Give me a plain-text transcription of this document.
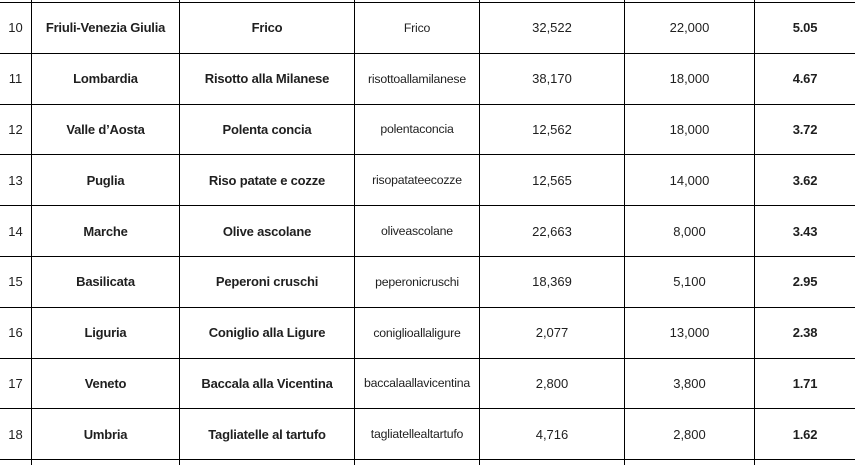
10	Friuli-Venezia Giulia	Frico	Frico	32,522	22,000	5.05
11	Lombardia	Risotto alla Milanese	risottoallamilanese	38,170	18,000	4.67
12	Valle d’Aosta	Polenta concia	polentaconcia	12,562	18,000	3.72
13	Puglia	Riso patate e cozze	risopatateecozze	12,565	14,000	3.62
14	Marche	Olive ascolane	oliveascolane	22,663	8,000	3.43
15	Basilicata	Peperoni cruschi	peperonicruschi	18,369	5,100	2.95
16	Liguria	Coniglio alla Ligure	coniglioallaligure	2,077	13,000	2.38
17	Veneto	Baccala alla Vicentina	baccalaallavicentina	2,800	3,800	1.71
18	Umbria	Tagliatelle al tartufo	tagliatellealtartufo	4,716	2,800	1.62
